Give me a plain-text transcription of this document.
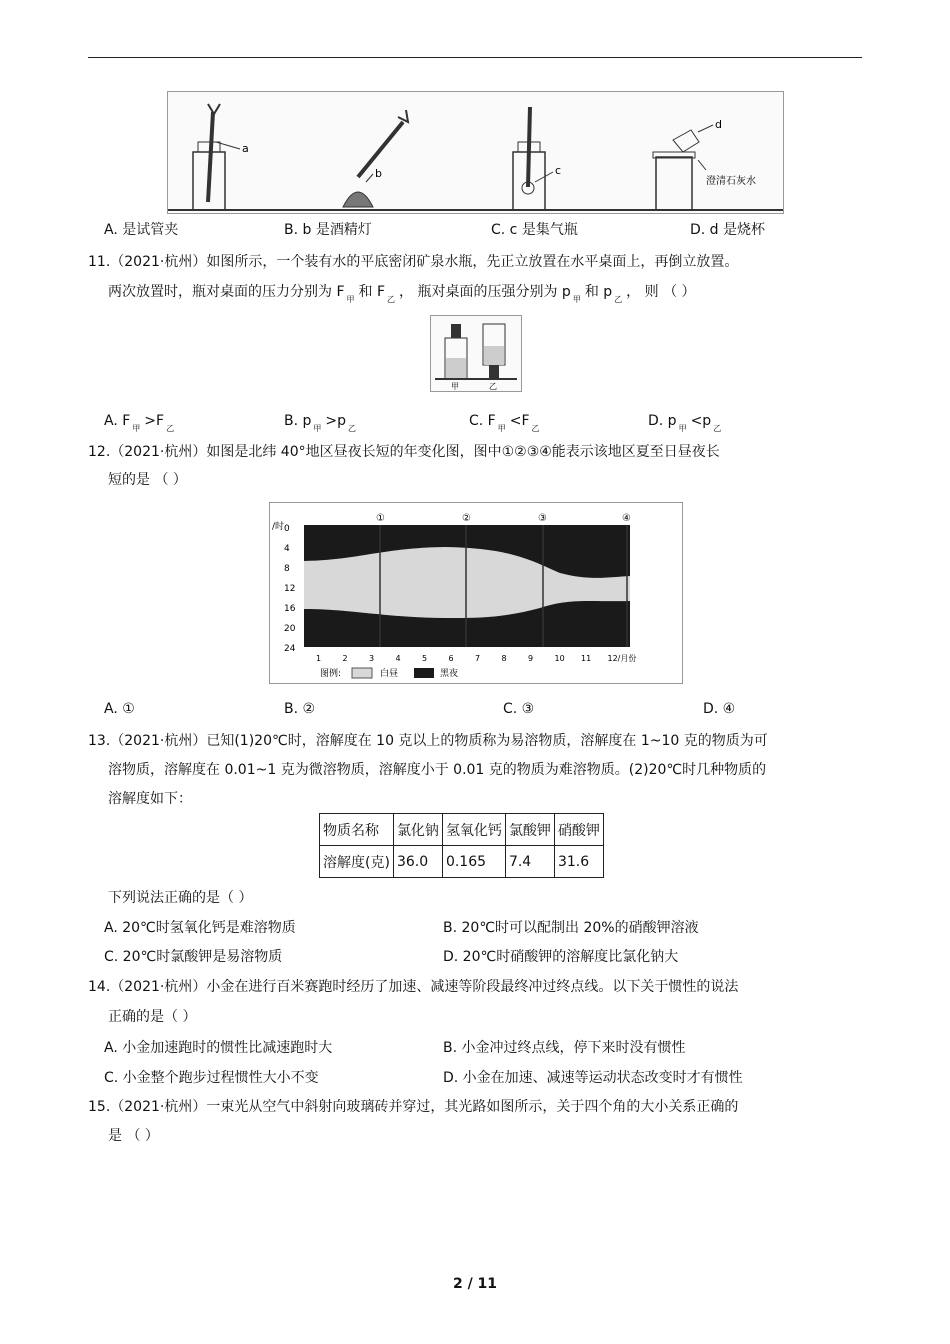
a
b	c
d
澄清石灰水
A. 是试管夹	B. b 是酒精灯	C. c 是集气瓶	D. d 是烧杯
11.（2021·杭州）如图所示，一个装有水的平底密闭矿泉水瓶，先正立放置在水平桌面上，再倒立放置。
两次放置时，瓶对桌面的压力分别为 F $_甲$ 和 F $_乙$ ， 瓶对桌面的压强分别为 p $_甲$ 和 p $_乙$ ， 则 （ ）
甲	乙
A. F $_甲$ >F $_乙$	B. p $_甲$ >p $_乙$	C. F $_甲$ <F $_乙$	D. p $_甲$ <p $_乙$
12.（2021·杭州）如图是北纬 40°地区昼夜长短的年变化图，图中①②③④能表示该地区夏至日昼夜长
短的是 （ ）
/时 0
4
8
12
16
20
24
1	2	3	4	5	6	7	8	9	10 11 12/月份
①	②	③	④
图例:	白昼	黑夜
A. ①	B. ②	C. ③	D. ④
13.（2021·杭州）已知(1)20℃时，溶解度在 10 克以上的物质称为易溶物质，溶解度在 1~10 克的物质为可
溶物质，溶解度在 0.01~1 克为微溶物质，溶解度小于 0.01 克的物质为难溶物质。(2)20℃时几种物质的
溶解度如下：
物质名称	氯化钠	氢氧化钙	氯酸钾	硝酸钾
溶解度(克)	36.0	0.165	7.4	31.6
下列说法正确的是（ ）
A. 20℃时氢氧化钙是难溶物质	B. 20℃时可以配制出 20%的硝酸钾溶液
C. 20℃时氯酸钾是易溶物质	D. 20℃时硝酸钾的溶解度比氯化钠大
14.（2021·杭州）小金在进行百米赛跑时经历了加速、减速等阶段最终冲过终点线。以下关于惯性的说法
正确的是（ ）
A. 小金加速跑时的惯性比减速跑时大	B. 小金冲过终点线，停下来时没有惯性
C. 小金整个跑步过程惯性大小不变	D. 小金在加速、减速等运动状态改变时才有惯性
15.（2021·杭州）一束光从空气中斜射向玻璃砖并穿过，其光路如图所示，关于四个角的大小关系正确的
是 （ ）
2 / 11
